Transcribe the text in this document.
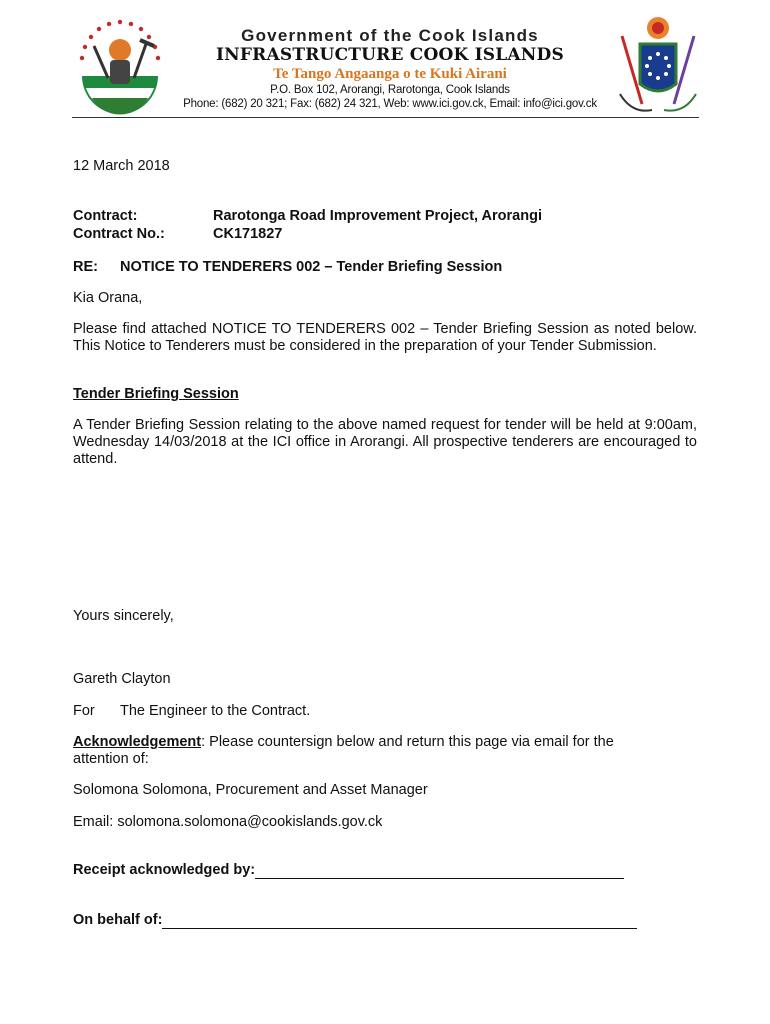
Government of the Cook Islands
INFRASTRUCTURE COOK ISLANDS
Te Tango Angaanga o te Kuki Airani
P.O. Box 102, Arorangi, Rarotonga, Cook Islands
Phone: (682) 20 321; Fax: (682) 24 321, Web: www.ici.gov.ck, Email: info@ici.gov.ck
12 March 2018
Contract:	Rarotonga Road Improvement Project, Arorangi
Contract No.:	CK171827
RE: NOTICE TO TENDERERS 002 – Tender Briefing Session
Kia Orana,
Please find attached NOTICE TO TENDERERS 002 – Tender Briefing Session as noted below. This Notice to Tenderers must be considered in the preparation of your Tender Submission.
Tender Briefing Session
A Tender Briefing Session relating to the above named request for tender will be held at 9:00am, Wednesday 14/03/2018 at the ICI office in Arorangi. All prospective tenderers are encouraged to attend.
Yours sincerely,
Gareth Clayton
For The Engineer to the Contract.
Acknowledgement: Please countersign below and return this page via email for the attention of:
Solomona Solomona, Procurement and Asset Manager
Email: solomona.solomona@cookislands.gov.ck
Receipt acknowledged by:
On behalf of:
